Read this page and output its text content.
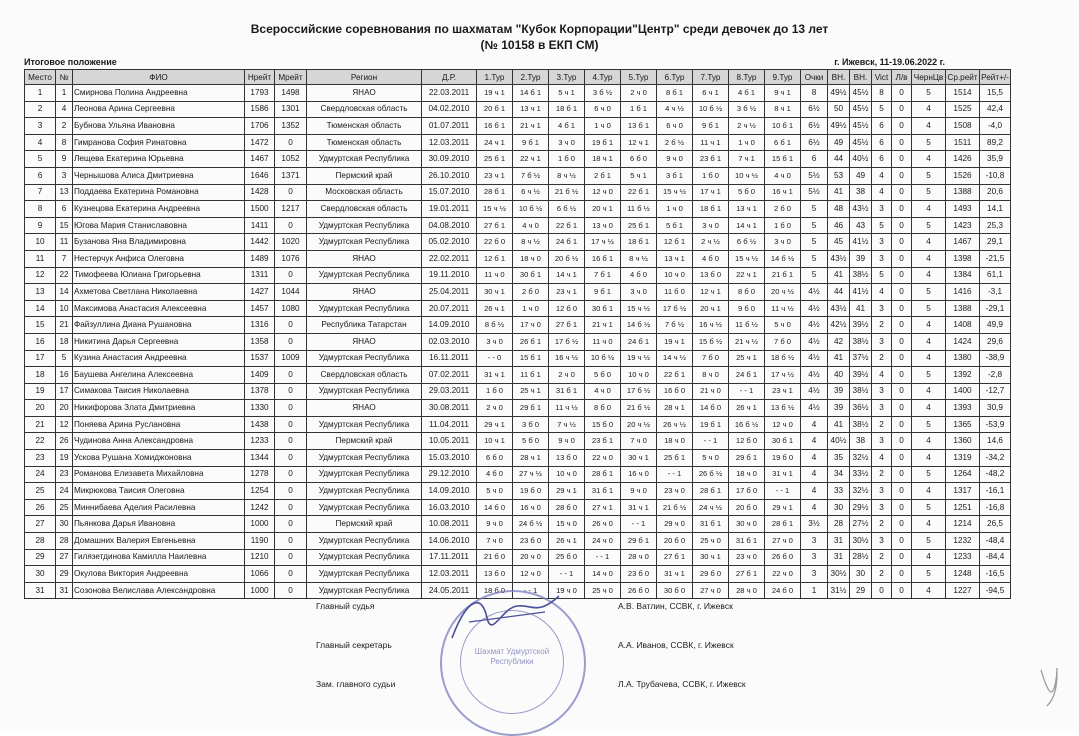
Всероссийские соревнования по шахматам "Кубок Корпорации"Центр" среди девочек до 13 лет
(№ 10158 в ЕКП СМ)
Итоговое положение	г. Ижевск, 11-19.06.2022 г.
Место	№	ФИО	Нрейт	Мрейт	Регион	Д.Р.	1.Тур	2.Тур	3.Тур	4.Тур	5.Тур	6.Тур	7.Тур	8.Тур	9.Тур	Очки	ВН.	ВН.	Vict	Л/в	ЧернЦв	Ср.рейт	Рейт+/-
1	1	Смирнова Полина Андреевна	1793	1498	ЯНАО	22.03.2011	19 ч 1	14 б 1	5 ч 1	3 б ½	2 ч 0	8 б 1	6 ч 1	4 б 1	9 ч 1	8	49½	45½	8	0	5	1514	15,5
2	4	Леонова Арина Сергеевна	1586	1301	Свердловская область	04.02.2010	20 б 1	13 ч 1	18 б 1	6 ч 0	1 б 1	4 ч ½	10 б ½	3 б ½	8 ч 1	6½	50	45½	5	0	4	1525	42,4
3	2	Бубнова Ульяна Ивановна	1706	1352	Тюменская область	01.07.2011	16 б 1	21 ч 1	4 б 1	1 ч 0	13 б 1	6 ч 0	9 б 1	2 ч ½	10 б 1	6½	49½	45½	6	0	4	1508	-4,0
4	8	Гимранова София Ринатовна	1472	0	Тюменская область	12.03.2011	24 ч 1	9 б 1	3 ч 0	19 б 1	12 ч 1	2 б ½	11 ч 1	1 ч 0	6 б 1	6½	49	45½	6	0	5	1511	89,2
5	9	Лещева Екатерина Юрьевна	1467	1052	Удмуртская Республика	30.09.2010	25 б 1	22 ч 1	1 б 0	18 ч 1	6 б 0	9 ч 0	23 б 1	7 ч 1	15 б 1	6	44	40½	6	0	4	1426	35,9
6	3	Чернышова Алиса Дмитриевна	1646	1371	Пермский край	26.10.2010	23 ч 1	7 б ½	8 ч ½	2 б 1	5 ч 1	3 б 1	1 б 0	10 ч ½	4 ч 0	5½	53	49	4	0	5	1526	-10,8
7	13	Поддаева Екатерина Романовна	1428	0	Московская область	15.07.2010	28 б 1	6 ч ½	21 б ½	12 ч 0	22 б 1	15 ч ½	17 ч 1	5 б 0	16 ч 1	5½	41	38	4	0	5	1388	20,6
8	6	Кузнецова Екатерина Андреевна	1500	1217	Свердловская область	19.01.2011	15 ч ½	10 б ½	6 б ½	20 ч 1	11 б ½	1 ч 0	18 б 1	13 ч 1	2 б 0	5	48	43½	3	0	4	1493	14,1
9	15	Югова Мария Станиславовна	1411	0	Удмуртская Республика	04.08.2010	27 б 1	4 ч 0	22 б 1	13 ч 0	25 б 1	5 б 1	3 ч 0	14 ч 1	1 б 0	5	46	43	5	0	5	1423	25,3
10	11	Бузанова Яна Владимировна	1442	1020	Удмуртская Республика	05.02.2010	22 б 0	8 ч ½	24 б 1	17 ч ½	18 б 1	12 б 1	2 ч ½	6 б ½	3 ч 0	5	45	41½	3	0	4	1467	29,1
11	7	Нестерчук Анфиса Олеговна	1489	1076	ЯНАО	22.02.2011	12 б 1	18 ч 0	20 б ½	16 б 1	8 ч ½	13 ч 1	4 б 0	15 ч ½	14 б ½	5	43½	39	3	0	4	1398	-21,5
12	22	Тимофеева Юлиана Григорьевна	1311	0	Удмуртская Республика	19.11.2010	11 ч 0	30 б 1	14 ч 1	7 б 1	4 б 0	10 ч 0	13 б 0	22 ч 1	21 б 1	5	41	38½	5	0	4	1384	61,1
13	14	Ахметова Светлана Николаевна	1427	1044	ЯНАО	25.04.2011	30 ч 1	2 б 0	23 ч 1	9 б 1	3 ч 0	11 б 0	12 ч 1	8 б 0	20 ч ½	4½	44	41½	4	0	5	1416	-3,1
14	10	Максимова Анастасия Алексеевна	1457	1080	Удмуртская Республика	20.07.2011	26 ч 1	1 ч 0	12 б 0	30 б 1	15 ч ½	17 б ½	20 ч 1	9 б 0	11 ч ½	4½	43½	41	3	0	5	1388	-29,1
15	21	Файзуллина Диана Рушановна	1316	0	Республика Татарстан	14.09.2010	8 б ½	17 ч 0	27 б 1	21 ч 1	14 б ½	7 б ½	16 ч ½	11 б ½	5 ч 0	4½	42½	39½	2	0	4	1408	49,9
16	18	Никитина Дарья Сергеевна	1358	0	ЯНАО	02.03.2010	3 ч 0	26 б 1	17 б ½	11 ч 0	24 б 1	19 ч 1	15 б ½	21 ч ½	7 б 0	4½	42	38½	3	0	4	1424	29,6
17	5	Кузина Анастасия Андреевна	1537	1009	Удмуртская Республика	16.11.2011	- - 0	15 б 1	16 ч ½	10 б ½	19 ч ½	14 ч ½	7 б 0	25 ч 1	18 б ½	4½	41	37½	2	0	4	1380	-38,9
18	16	Баушева Ангелина Алексеевна	1409	0	Свердловская область	07.02.2011	31 ч 1	11 б 1	2 ч 0	5 б 0	10 ч 0	22 б 1	8 ч 0	24 б 1	17 ч ½	4½	40	39½	4	0	5	1392	-2,8
19	17	Симакова Таисия Николаевна	1378	0	Удмуртская Республика	29.03.2011	1 б 0	25 ч 1	31 б 1	4 ч 0	17 б ½	16 б 0	21 ч 0	- - 1	23 ч 1	4½	39	38½	3	0	4	1400	-12,7
20	20	Никифорова Злата Дмитриевна	1330	0	ЯНАО	30.08.2011	2 ч 0	29 б 1	11 ч ½	8 б 0	21 б ½	28 ч 1	14 б 0	26 ч 1	13 б ½	4½	39	36½	3	0	4	1393	30,9
21	12	Поняева Арина Руслановна	1438	0	Удмуртская Республика	11.04.2011	29 ч 1	3 б 0	7 ч ½	15 б 0	20 ч ½	26 ч ½	19 б 1	16 б ½	12 ч 0	4	41	38½	2	0	5	1365	-53,9
22	26	Чудинова Анна Александровна	1233	0	Пермский край	10.05.2011	10 ч 1	5 б 0	9 ч 0	23 б 1	7 ч 0	18 ч 0	- - 1	12 б 0	30 б 1	4	40½	38	3	0	4	1360	14,6
23	19	Ускова Рушана Хомиджоновна	1344	0	Удмуртская Республика	15.03.2010	6 б 0	28 ч 1	13 б 0	22 ч 0	30 ч 1	25 б 1	5 ч 0	29 б 1	19 б 0	4	35	32½	4	0	4	1319	-34,2
24	23	Романова Елизавета Михайловна	1278	0	Удмуртская Республика	29.12.2010	4 б 0	27 ч ½	10 ч 0	28 б 1	16 ч 0	- - 1	26 б ½	18 ч 0	31 ч 1	4	34	33½	2	0	5	1264	-48,2
25	24	Микрюкова Таисия Олеговна	1254	0	Удмуртская Республика	14.09.2010	5 ч 0	19 б 0	29 ч 1	31 б 1	9 ч 0	23 ч 0	28 б 1	17 б 0	- - 1	4	33	32½	3	0	4	1317	-16,1
26	25	Миннибаева Аделия Расилевна	1242	0	Удмуртская Республика	16.03.2010	14 б 0	16 ч 0	28 б 0	27 ч 1	31 ч 1	21 б ½	24 ч ½	20 б 0	29 ч 1	4	30	29½	3	0	5	1251	-16,8
27	30	Пьянкова Дарья Ивановна	1000	0	Пермский край	10.08.2011	9 ч 0	24 б ½	15 ч 0	26 ч 0	- - 1	29 ч 0	31 б 1	30 ч 0	28 б 1	3½	28	27½	2	0	4	1214	26,5
28	28	Домашних Валерия Евгеньевна	1190	0	Удмуртская Республика	14.06.2010	7 ч 0	23 б 0	26 ч 1	24 ч 0	29 б 1	20 б 0	25 ч 0	31 б 1	27 ч 0	3	31	30½	3	0	5	1232	-48,4
29	27	Гилязетдинова Камилла Наилевна	1210	0	Удмуртская Республика	17.11.2011	21 б 0	20 ч 0	25 б 0	- - 1	28 ч 0	27 б 1	30 ч 1	23 ч 0	26 б 0	3	31	28½	2	0	4	1233	-84,4
30	29	Окулова Виктория Андреевна	1066	0	Удмуртская Республика	12.03.2011	13 б 0	12 ч 0	- - 1	14 ч 0	23 б 0	31 ч 1	29 б 0	27 б 1	22 ч 0	3	30½	30	2	0	5	1248	-16,5
31	31	Созонова Велислава Александровна	1000	0	Удмуртская Республика	24.05.2011	18 б 0	- - 1	19 ч 0	25 ч 0	26 б 0	30 б 0	27 ч 0	28 ч 0	24 б 0	1	31½	29	0	0	4	1227	-94,5
Главный судья	А.В. Ватлин, ССВК, г. Ижевск
Главный секретарь	А.А. Иванов, ССВК, г. Ижевск
Зам. главного судьи	Л.А. Трубачева, ССВК, г. Ижевск
Шахмат Удмуртской Республики
